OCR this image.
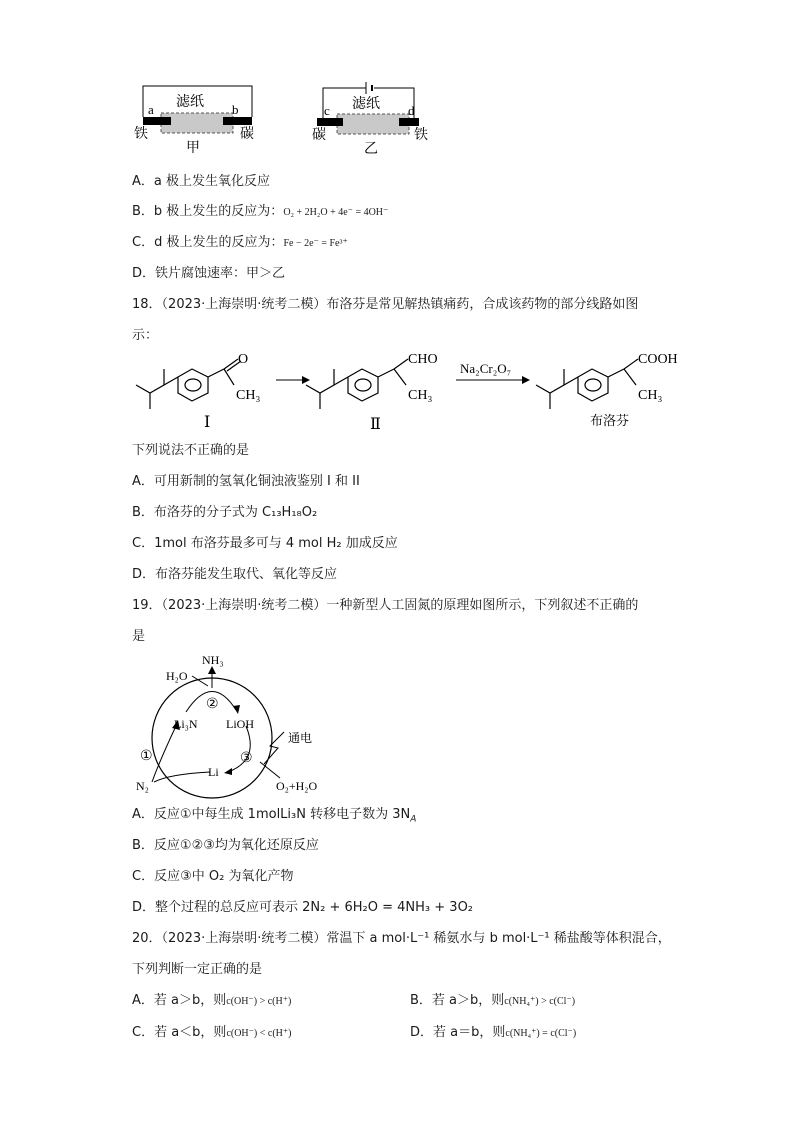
a	b
滤纸
铁	碳
甲
c	d
滤纸
碳	铁
乙
A．a 极上发生氧化反应
B．b 极上发生的反应为：O₂ + 2H₂O + 4e⁻ = 4OH⁻
C．d 极上发生的反应为：Fe − 2e⁻ = Fe³⁺
D．铁片腐蚀速率：甲＞乙
18．（2023·上海崇明·统考二模）布洛芬是常见解热镇痛药，合成该药物的部分线路如图
示：
O
CH₃
Ⅰ
CHO
CH₃
Ⅱ
Na₂Cr₂O₇
COOH
CH₃
布洛芬
下列说法不正确的是
A．可用新制的氢氧化铜浊液鉴别 I 和 II
B．布洛芬的分子式为 C₁₃H₁₈O₂
C．1mol 布洛芬最多可与 4 mol H₂ 加成反应
D．布洛芬能发生取代、氧化等反应
19．（2023·上海崇明·统考二模）一种新型人工固氮的原理如图所示，下列叙述不正确的
是
NH₃
H₂O
Li₃N LiOH
Li
N₂	O₂+H₂O
通电
①
②
③
A．反应①中每生成 1molLi₃N 转移电子数为 $3N_A$
B．反应①②③均为氧化还原反应
C．反应③中 O₂ 为氧化产物
D．整个过程的总反应可表示 2N₂ + 6H₂O = 4NH₃ + 3O₂
20．（2023·上海崇明·统考二模）常温下 a mol·L⁻¹ 稀氨水与 b mol·L⁻¹ 稀盐酸等体积混合，
下列判断一定正确的是
A．若 a＞b，则c(OH⁻) > c(H⁺)	B．若 a＞b，则c(NH₄⁺) > c(Cl⁻)
C．若 a＜b，则c(OH⁻) < c(H⁺)	D．若 a＝b，则c(NH₄⁺) = c(Cl⁻)
